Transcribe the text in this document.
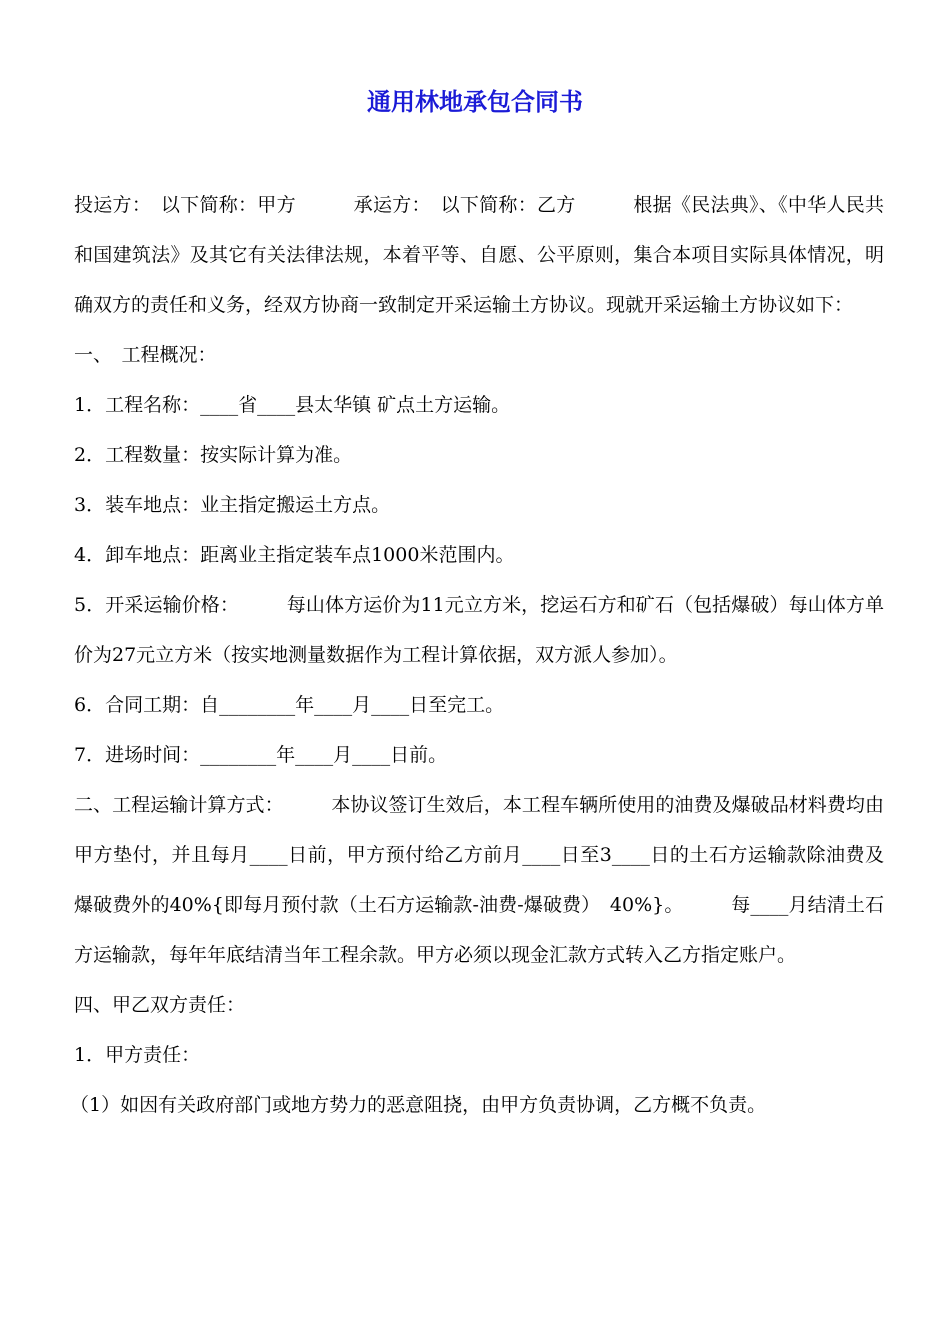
通用林地承包合同书

投运方：　以下简称：甲方　　　承运方：　以下简称：乙方　　　根据《民法典》、《中华人民共和国建筑法》及其它有关法律法规，本着平等、自愿、公平原则，集合本项目实际具体情况，明确双方的责任和义务，经双方协商一致制定开采运输土方协议。现就开采运输土方协议如下：

一、　工程概况：

1．工程名称：____省____县太华镇 矿点土方运输。

2．工程数量：按实际计算为准。

3．装车地点：业主指定搬运土方点。

4．卸车地点：距离业主指定装车点1000米范围内。

5．开采运输价格：　　　每山体方运价为11元立方米，挖运石方和矿石（包括爆破）每山体方单价为27元立方米（按实地测量数据作为工程计算依据，双方派人参加）。

6．合同工期：自________年____月____日至完工。

7．进场时间：________年____月____日前。

二、工程运输计算方式：　　　本协议签订生效后，本工程车辆所使用的油费及爆破品材料费均由甲方垫付，并且每月____日前，甲方预付给乙方前月____日至3____日的土石方运输款除油费及爆破费外的40%{即每月预付款（土石方运输款-油费-爆破费）　40%}。　　　每____月结清土石方运输款，每年年底结清当年工程余款。甲方必须以现金汇款方式转入乙方指定账户。

四、甲乙双方责任：

1．甲方责任：

（1）如因有关政府部门或地方势力的恶意阻挠，由甲方负责协调，乙方概不负责。
